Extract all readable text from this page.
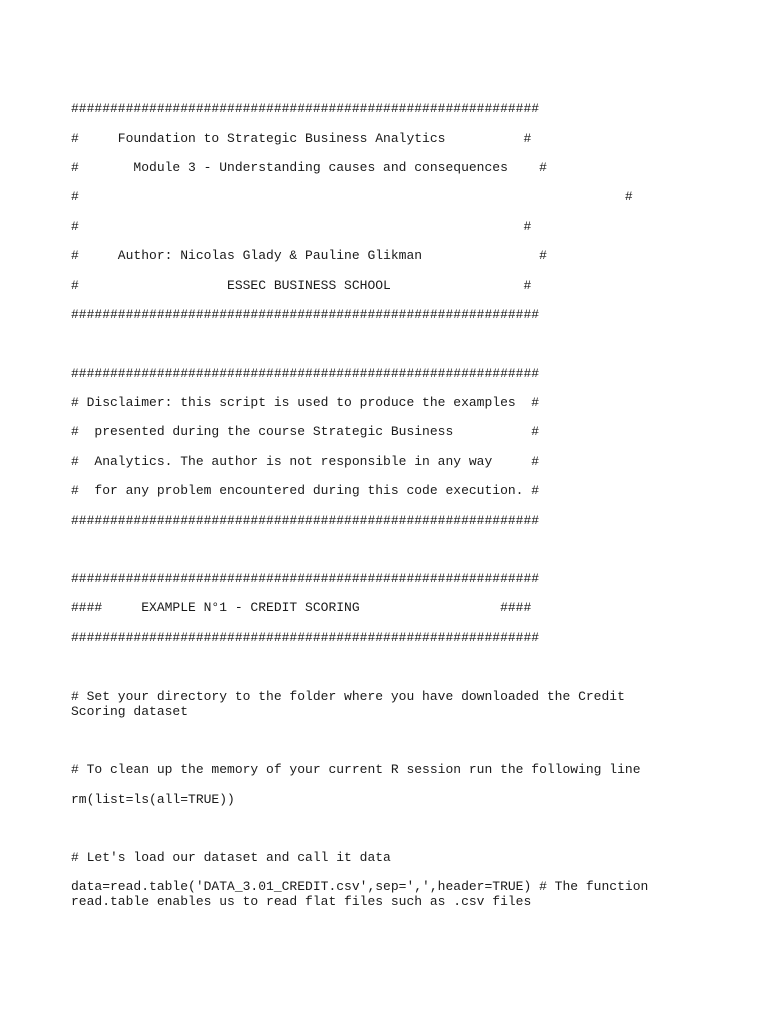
############################################################

#     Foundation to Strategic Business Analytics          #

#       Module 3 - Understanding causes and consequences    #

#                                                                      #

#                                                         #

#     Author: Nicolas Glady & Pauline Glikman               #

#                   ESSEC BUSINESS SCHOOL                 #

############################################################

############################################################

# Disclaimer: this script is used to produce the examples  #

#  presented during the course Strategic Business          #

#  Analytics. The author is not responsible in any way     #

#  for any problem encountered during this code execution. #

############################################################

############################################################

####     EXAMPLE N°1 - CREDIT SCORING                  ####

############################################################

# Set your directory to the folder where you have downloaded the Credit Scoring dataset

# To clean up the memory of your current R session run the following line

rm(list=ls(all=TRUE))

# Let's load our dataset and call it data

data=read.table('DATA_3.01_CREDIT.csv',sep=',',header=TRUE) # The function read.table enables us to read flat files such as .csv files
